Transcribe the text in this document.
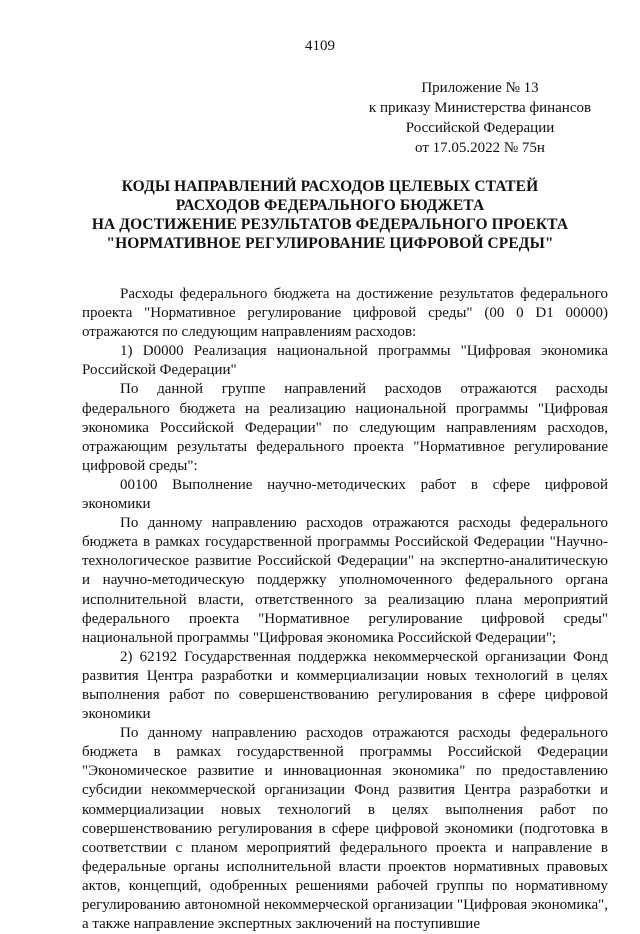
4109
Приложение № 13
к приказу Министерства финансов
Российской Федерации
от 17.05.2022 № 75н
КОДЫ НАПРАВЛЕНИЙ РАСХОДОВ ЦЕЛЕВЫХ СТАТЕЙ
РАСХОДОВ ФЕДЕРАЛЬНОГО БЮДЖЕТА
НА ДОСТИЖЕНИЕ РЕЗУЛЬТАТОВ ФЕДЕРАЛЬНОГО ПРОЕКТА
"НОРМАТИВНОЕ РЕГУЛИРОВАНИЕ ЦИФРОВОЙ СРЕДЫ"

Расходы федерального бюджета на достижение результатов федерального проекта "Нормативное регулирование цифровой среды" (00 0 D1 00000) отражаются по следующим направлениям расходов:

1) D0000 Реализация национальной программы "Цифровая экономика Российской Федерации"

По данной группе направлений расходов отражаются расходы федерального бюджета на реализацию национальной программы "Цифровая экономика Российской Федерации" по следующим направлениям расходов, отражающим результаты федерального проекта "Нормативное регулирование цифровой среды":

00100 Выполнение научно-методических работ в сфере цифровой экономики

По данному направлению расходов отражаются расходы федерального бюджета в рамках государственной программы Российской Федерации "Научно-технологическое развитие Российской Федерации" на экспертно-аналитическую и научно-методическую поддержку уполномоченного федерального органа исполнительной власти, ответственного за реализацию плана мероприятий федерального проекта "Нормативное регулирование цифровой среды" национальной программы "Цифровая экономика Российской Федерации";

2) 62192 Государственная поддержка некоммерческой организации Фонд развития Центра разработки и коммерциализации новых технологий в целях выполнения работ по совершенствованию регулирования в сфере цифровой экономики

По данному направлению расходов отражаются расходы федерального бюджета в рамках государственной программы Российской Федерации "Экономическое развитие и инновационная экономика" по предоставлению субсидии некоммерческой организации Фонд развития Центра разработки и коммерциализации новых технологий в целях выполнения работ по совершенствованию регулирования в сфере цифровой экономики (подготовка в соответствии с планом мероприятий федерального проекта и направление в федеральные органы исполнительной власти проектов нормативных правовых актов, концепций, одобренных решениями рабочей группы по нормативному регулированию автономной некоммерческой организации "Цифровая экономика", а также направление экспертных заключений на поступившие
